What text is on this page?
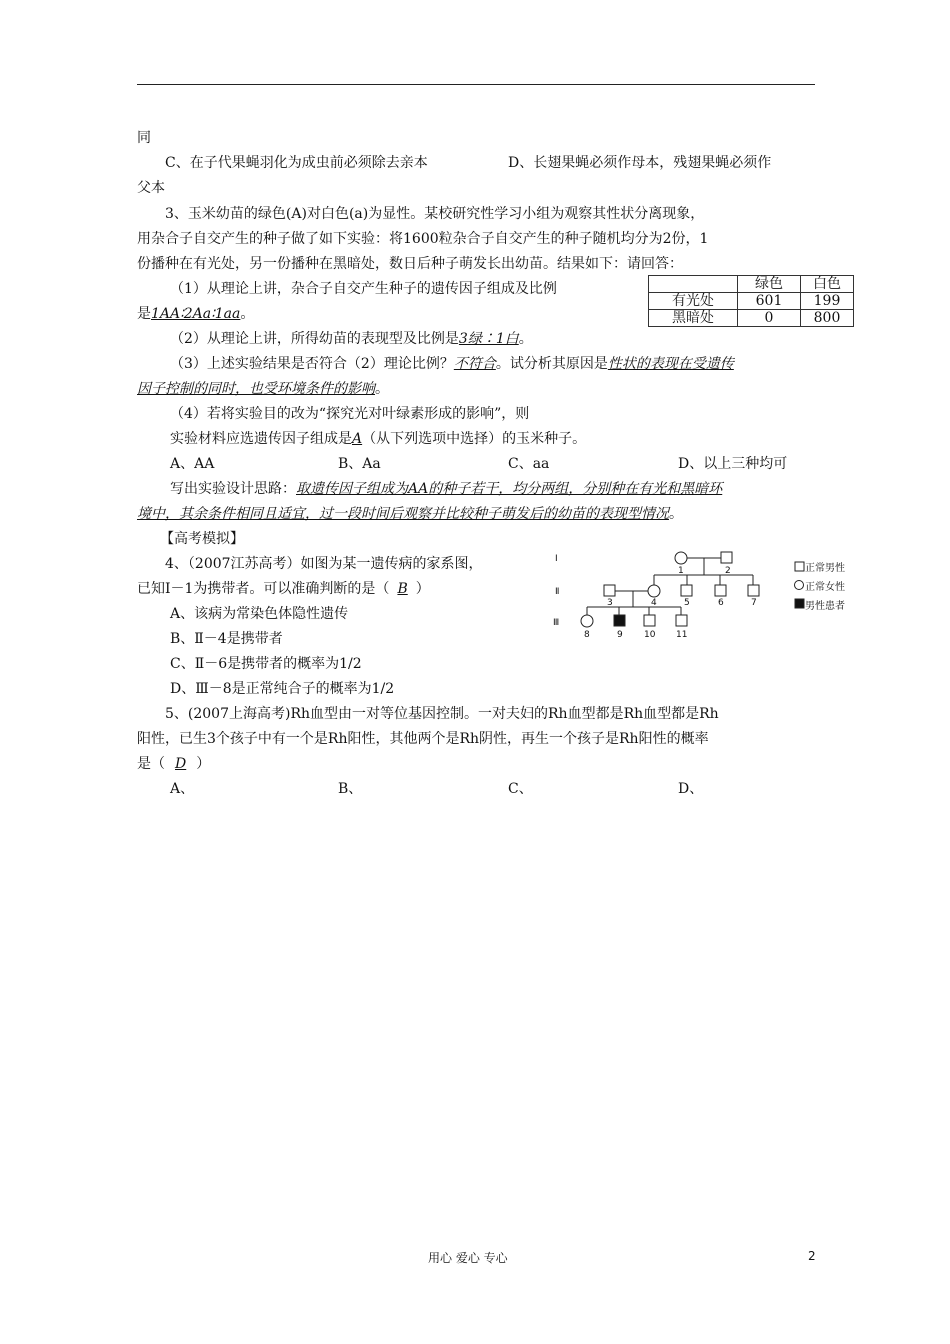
同
C、在子代果蝇羽化为成虫前必须除去亲本	D、长翅果蝇必须作母本，残翅果蝇必须作
父本
3、玉米幼苗的绿色(A)对白色(a)为显性。某校研究性学习小组为观察其性状分离现象，
用杂合子自交产生的种子做了如下实验：将1600粒杂合子自交产生的种子随机均分为2份，1
份播种在有光处，另一份播种在黑暗处，数日后种子萌发长出幼苗。结果如下：请回答：
（1）从理论上讲，杂合子自交产生种子的遗传因子组成及比例
是1AA∶2Aa∶1aa。
	绿色	白色
有光处	601	199
黑暗处	0	800
（2）从理论上讲，所得幼苗的表现型及比例是3绿∶1白。
（3）上述实验结果是否符合（2）理论比例？不符合。试分析其原因是性状的表现在受遗传
因子控制的同时，也受环境条件的影响。
（4）若将实验目的改为“探究光对叶绿素形成的影响”，则
实验材料应选遗传因子组成是A（从下列选项中选择）的玉米种子。
A、AA	B、Aa	C、aa	D、以上三种均可
写出实验设计思路：取遗传因子组成为AA的种子若干，均分两组，分别种在有光和黑暗环
境中，其余条件相同且适宜，过一段时间后观察并比较种子萌发后的幼苗的表现型情况。
【高考模拟】
4、（2007江苏高考）如图为某一遗传病的家系图，
已知Ⅰ－1为携带者。可以准确判断的是（ B ）
A、该病为常染色体隐性遗传
B、Ⅱ－4是携带者
C、Ⅱ－6是携带者的概率为1/2
D、Ⅲ－8是正常纯合子的概率为1/2
Ⅰ
Ⅱ
Ⅲ
1	2
3	4	5	6	7
8	9 10 11
正常男性
正常女性
男性患者
5、(2007上海高考)Rh血型由一对等位基因控制。一对夫妇的Rh血型都是Rh血型都是Rh
阳性，已生3个孩子中有一个是Rh阳性，其他两个是Rh阴性，再生一个孩子是Rh阳性的概率
是（ D ）
A、	B、	C、	D、
用心 爱心 专心	2
